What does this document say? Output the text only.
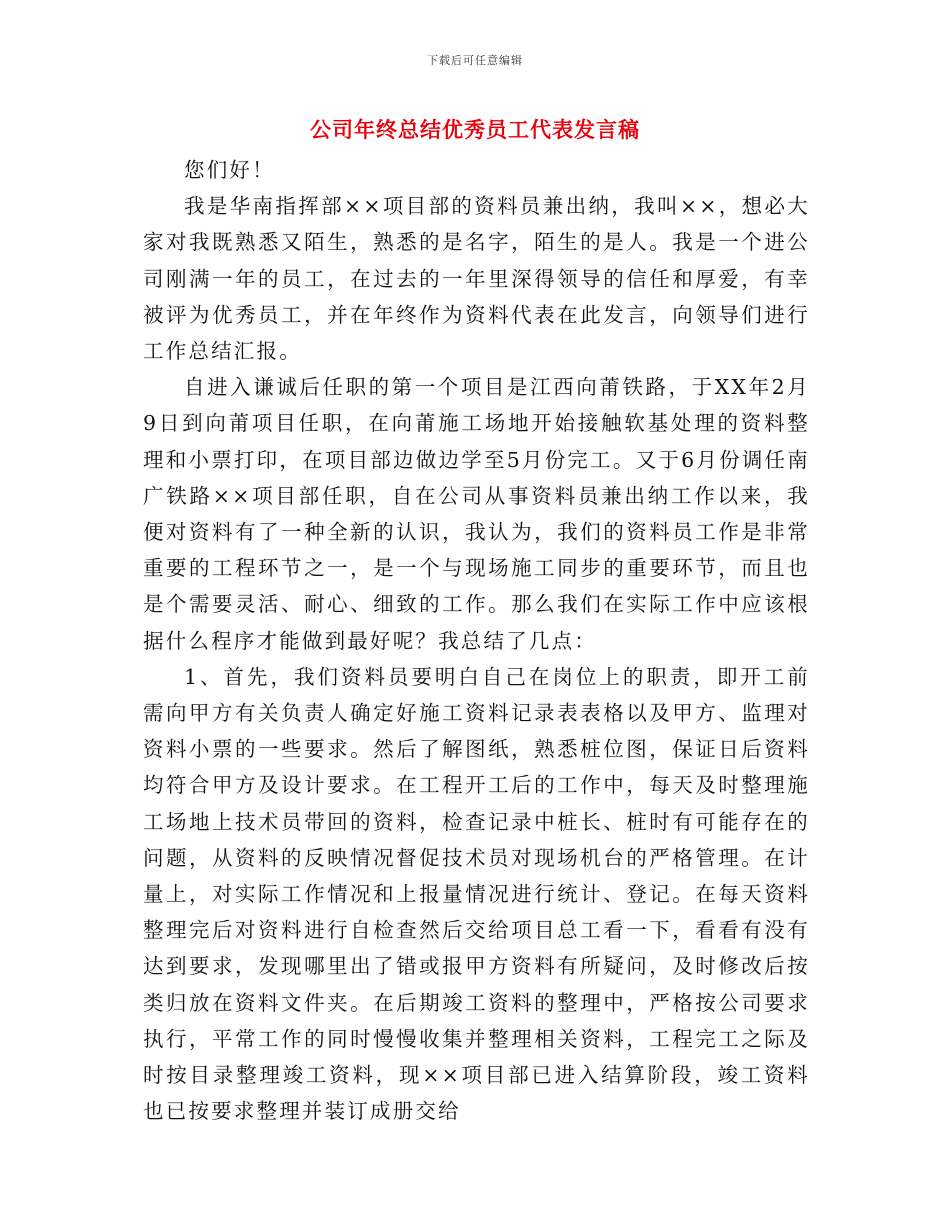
下载后可任意编辑
公司年终总结优秀员工代表发言稿

您们好！

我是华南指挥部××项目部的资料员兼出纳，我叫××，想必大家对我既熟悉又陌生，熟悉的是名字，陌生的是人。我是一个进公司刚满一年的员工，在过去的一年里深得领导的信任和厚爱，有幸被评为优秀员工，并在年终作为资料代表在此发言，向领导们进行工作总结汇报。

自进入谦诚后任职的第一个项目是江西向莆铁路，于XX年2月9日到向莆项目任职，在向莆施工场地开始接触软基处理的资料整理和小票打印，在项目部边做边学至5月份完工。又于6月份调任南广铁路××项目部任职，自在公司从事资料员兼出纳工作以来，我便对资料有了一种全新的认识，我认为，我们的资料员工作是非常重要的工程环节之一，是一个与现场施工同步的重要环节，而且也是个需要灵活、耐心、细致的工作。那么我们在实际工作中应该根据什么程序才能做到最好呢？我总结了几点：

1、首先，我们资料员要明白自己在岗位上的职责，即开工前需向甲方有关负责人确定好施工资料记录表表格以及甲方、监理对资料小票的一些要求。然后了解图纸，熟悉桩位图，保证日后资料均符合甲方及设计要求。在工程开工后的工作中，每天及时整理施工场地上技术员带回的资料，检查记录中桩长、桩时有可能存在的问题，从资料的反映情况督促技术员对现场机台的严格管理。在计量上，对实际工作情况和上报量情况进行统计、登记。在每天资料整理完后对资料进行自检查然后交给项目总工看一下，看看有没有达到要求，发现哪里出了错或报甲方资料有所疑问，及时修改后按类归放在资料文件夹。在后期竣工资料的整理中，严格按公司要求执行，平常工作的同时慢慢收集并整理相关资料，工程完工之际及时按目录整理竣工资料，现××项目部已进入结算阶段，竣工资料也已按要求整理并装订成册交给
